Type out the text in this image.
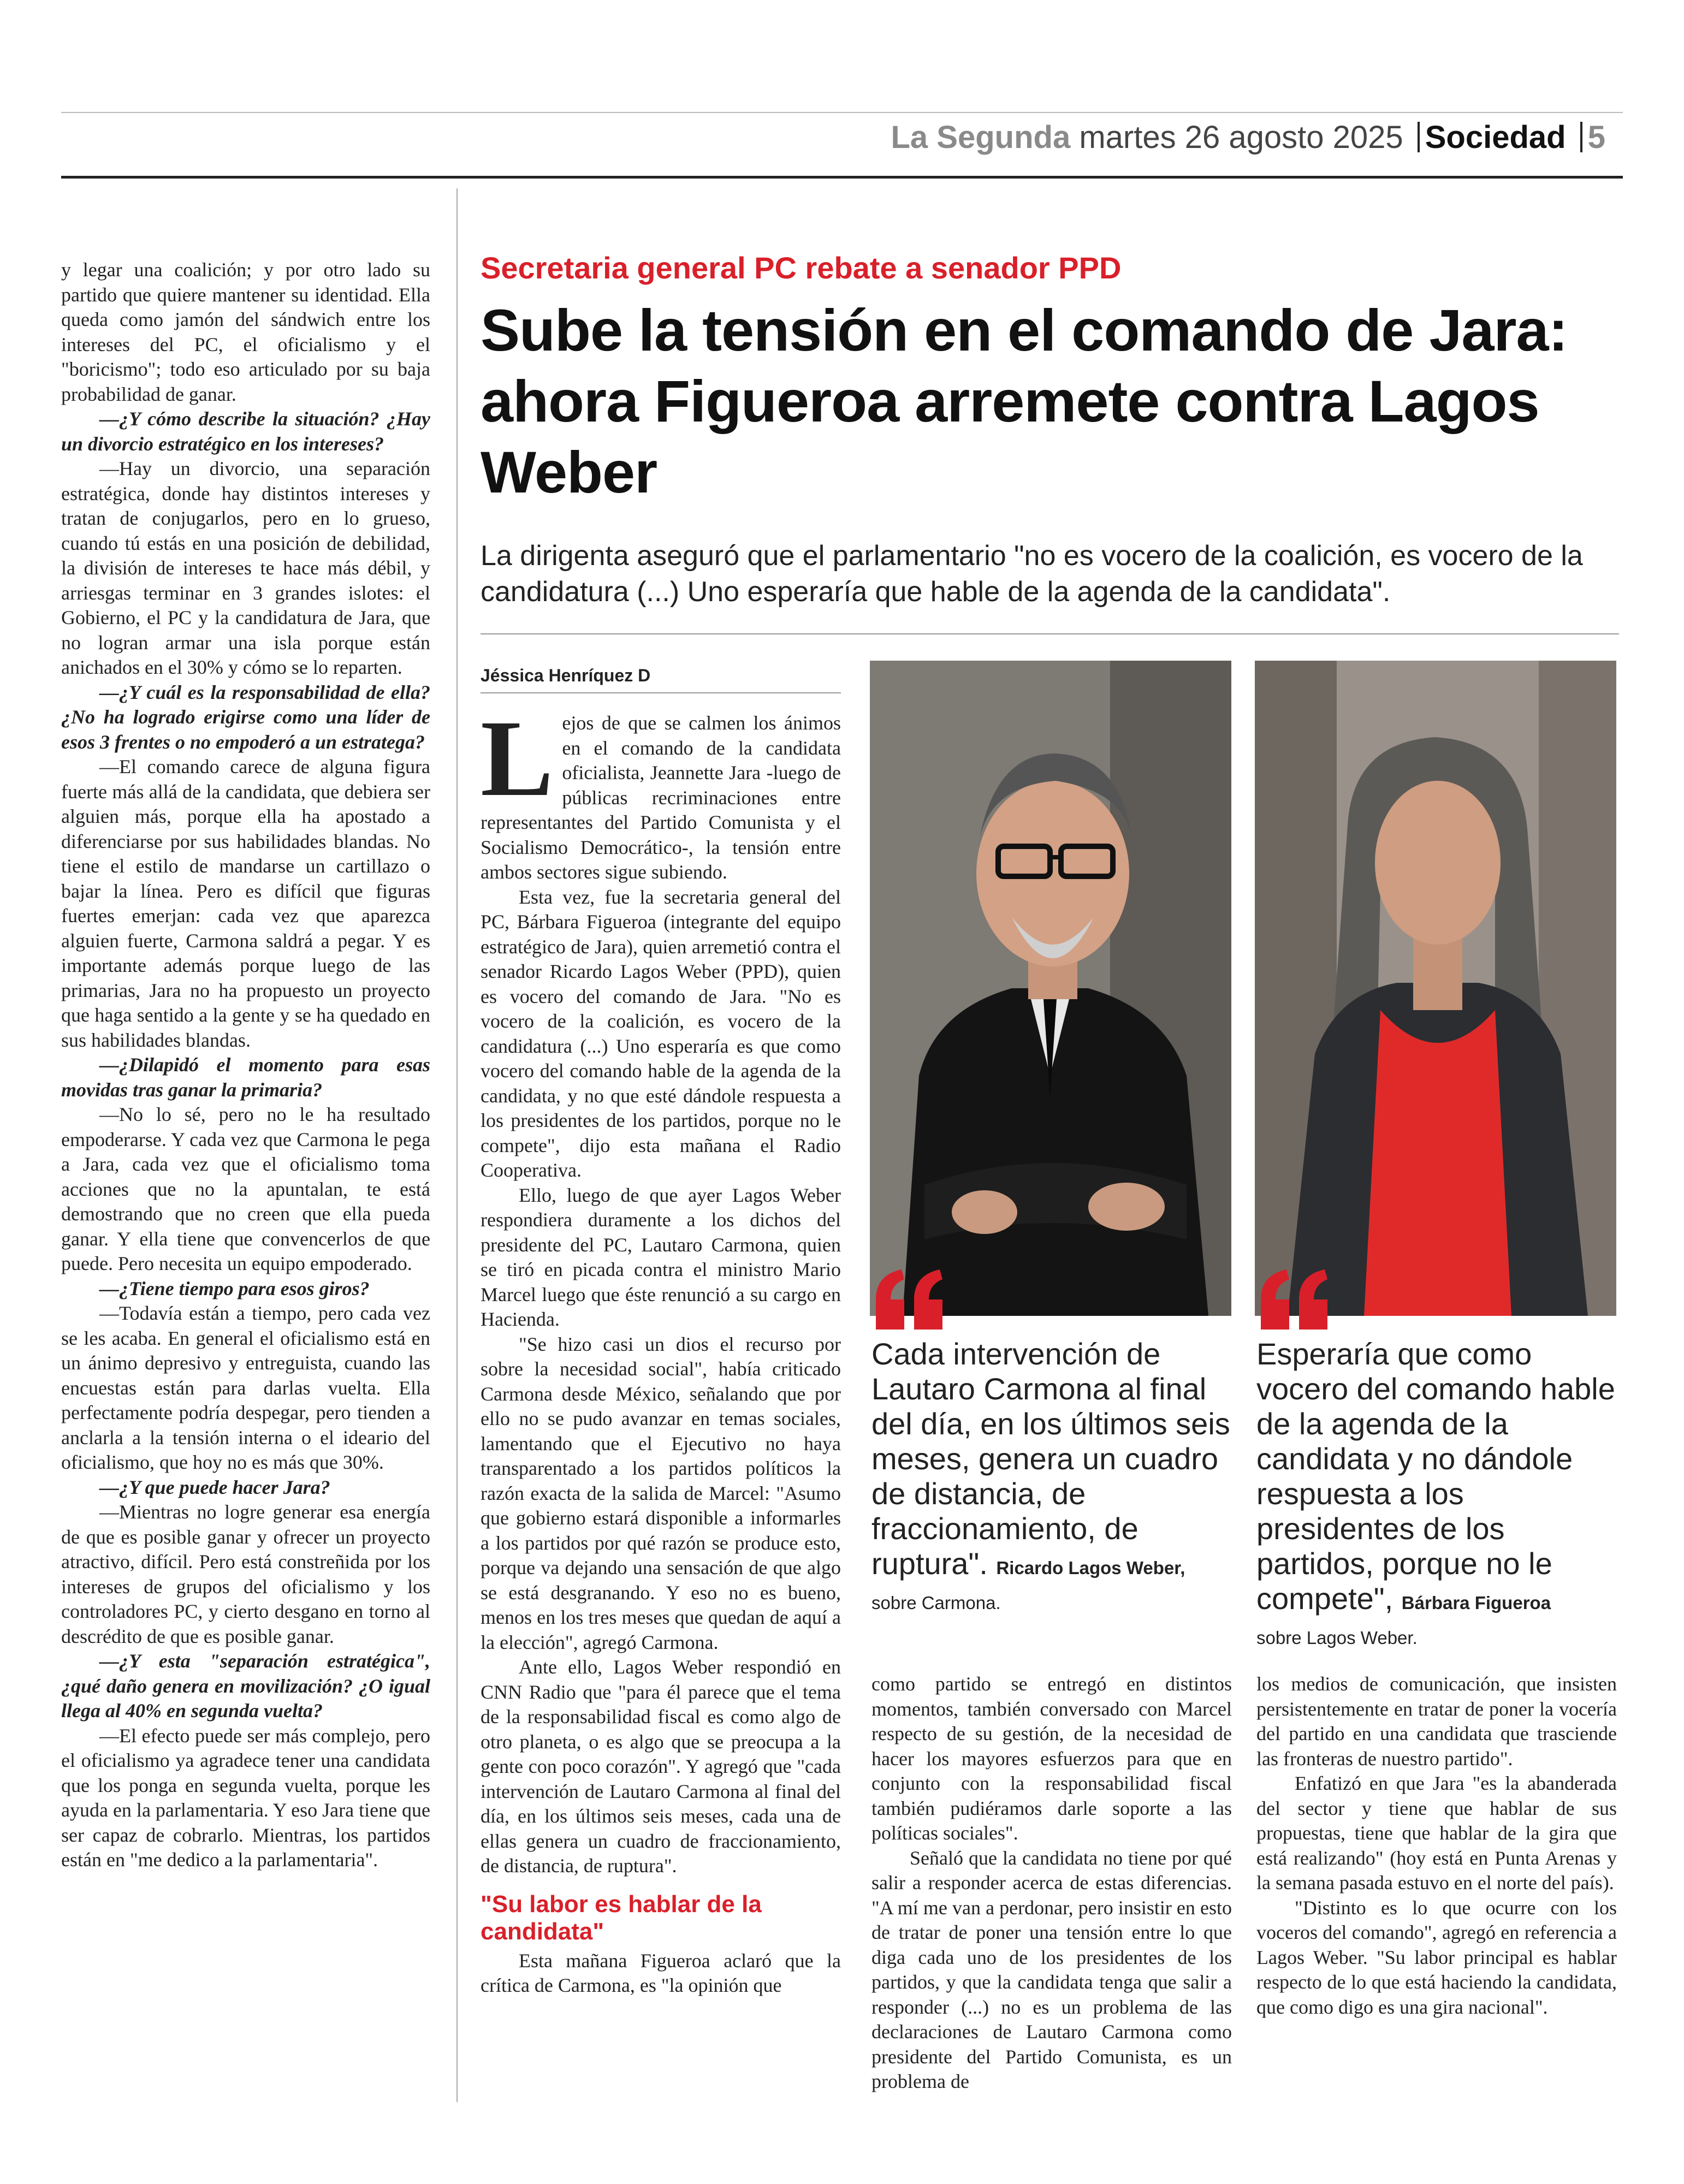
La Segunda martes 26 agosto 2025 Sociedad 5

y legar una coalición; y por otro lado su partido que quiere mantener su identidad. Ella queda como jamón del sándwich entre los intereses del PC, el oficialismo y el "boricismo"; todo eso articulado por su baja probabilidad de ganar.

—¿Y cómo describe la situación? ¿Hay un divorcio estratégico en los intereses?

—Hay un divorcio, una separación estratégica, donde hay distintos intereses y tratan de conjugarlos, pero en lo grueso, cuando tú estás en una posición de debilidad, la división de intereses te hace más débil, y arriesgas terminar en 3 grandes islotes: el Gobierno, el PC y la candidatura de Jara, que no logran armar una isla porque están anichados en el 30% y cómo se lo reparten.

—¿Y cuál es la responsabilidad de ella? ¿No ha logrado erigirse como una líder de esos 3 frentes o no empoderó a un estratega?

—El comando carece de alguna figura fuerte más allá de la candidata, que debiera ser alguien más, porque ella ha apostado a diferenciarse por sus habilidades blandas. No tiene el estilo de mandarse un cartillazo o bajar la línea. Pero es difícil que figuras fuertes emerjan: cada vez que aparezca alguien fuerte, Carmona saldrá a pegar. Y es importante además porque luego de las primarias, Jara no ha propuesto un proyecto que haga sentido a la gente y se ha quedado en sus habilidades blandas.

—¿Dilapidó el momento para esas movidas tras ganar la primaria?

—No lo sé, pero no le ha resultado empoderarse. Y cada vez que Carmona le pega a Jara, cada vez que el oficialismo toma acciones que no la apuntalan, te está demostrando que no creen que ella pueda ganar. Y ella tiene que convencerlos de que puede. Pero necesita un equipo empoderado.

—¿Tiene tiempo para esos giros?

—Todavía están a tiempo, pero cada vez se les acaba. En general el oficialismo está en un ánimo depresivo y entreguista, cuando las encuestas están para darlas vuelta. Ella perfectamente podría despegar, pero tienden a anclarla a la tensión interna o el ideario del oficialismo, que hoy no es más que 30%.

—¿Y que puede hacer Jara?

—Mientras no logre generar esa energía de que es posible ganar y ofrecer un proyecto atractivo, difícil. Pero está constreñida por los intereses de grupos del oficialismo y los controladores PC, y cierto desgano en torno al descrédito de que es posible ganar.

—¿Y esta "separación estratégica", ¿qué daño genera en movilización? ¿O igual llega al 40% en segunda vuelta?

—El efecto puede ser más complejo, pero el oficialismo ya agradece tener una candidata que los ponga en segunda vuelta, porque les ayuda en la parlamentaria. Y eso Jara tiene que ser capaz de cobrarlo. Mientras, los partidos están en "me dedico a la parlamentaria".

Secretaria general PC rebate a senador PPD
Sube la tensión en el comando de Jara: ahora Figueroa arremete contra Lagos Weber
La dirigenta aseguró que el parlamentario "no es vocero de la coalición, es vocero de la candidatura (...) Uno esperaría que hable de la agenda de la candidata".
Jéssica Henríquez D

Lejos de que se calmen los ánimos en el comando de la candidata oficialista, Jeannette Jara -luego de públicas recriminaciones entre representantes del Partido Comunista y el Socialismo Democrático-, la tensión entre ambos sectores sigue subiendo.

Esta vez, fue la secretaria general del PC, Bárbara Figueroa (integrante del equipo estratégico de Jara), quien arremetió contra el senador Ricardo Lagos Weber (PPD), quien es vocero del comando de Jara. "No es vocero de la coalición, es vocero de la candidatura (...) Uno esperaría es que como vocero del comando hable de la agenda de la candidata, y no que esté dándole respuesta a los presidentes de los partidos, porque no le compete", dijo esta mañana el Radio Cooperativa.

Ello, luego de que ayer Lagos Weber respondiera duramente a los dichos del presidente del PC, Lautaro Carmona, quien se tiró en picada contra el ministro Mario Marcel luego que éste renunció a su cargo en Hacienda.

"Se hizo casi un dios el recurso por sobre la necesidad social", había criticado Carmona desde México, señalando que por ello no se pudo avanzar en temas sociales, lamentando que el Ejecutivo no haya transparentado a los partidos políticos la razón exacta de la salida de Marcel: "Asumo que gobierno estará disponible a informarles a los partidos por qué razón se produce esto, porque va dejando una sensación de que algo se está desgranando. Y eso no es bueno, menos en los tres meses que quedan de aquí a la elección", agregó Carmona.

Ante ello, Lagos Weber respondió en CNN Radio que "para él parece que el tema de la responsabilidad fiscal es como algo de otro planeta, o es algo que se preocupa a la gente con poco corazón". Y agregó que "cada intervención de Lautaro Carmona al final del día, en los últimos seis meses, cada una de ellas genera un cuadro de fraccionamiento, de distancia, de ruptura".

"Su labor es hablar de la candidata"

Esta mañana Figueroa aclaró que la crítica de Carmona, es "la opinión que

Cada intervención de Lautaro Carmona al final del día, en los últimos seis meses, genera un cuadro de distancia, de fraccionamiento, de ruptura". Ricardo Lagos Weber, sobre Carmona.
Esperaría que como vocero del comando hable de la agenda de la candidata y no dándole respuesta a los presidentes de los partidos, porque no le compete", Bárbara Figueroa
sobre Lagos Weber.

como partido se entregó en distintos momentos, también conversado con Marcel respecto de su gestión, de la necesidad de hacer los mayores esfuerzos para que en conjunto con la responsabilidad fiscal también pudiéramos darle soporte a las políticas sociales".

Señaló que la candidata no tiene por qué salir a responder acerca de estas diferencias. "A mí me van a perdonar, pero insistir en esto de tratar de poner una tensión entre lo que diga cada uno de los presidentes de los partidos, y que la candidata tenga que salir a responder (...) no es un problema de las declaraciones de Lautaro Carmona como presidente del Partido Comunista, es un problema de

los medios de comunicación, que insisten persistentemente en tratar de poner la vocería del partido en una candidata que trasciende las fronteras de nuestro partido".

Enfatizó en que Jara "es la abanderada del sector y tiene que hablar de sus propuestas, tiene que hablar de la gira que está realizando" (hoy está en Punta Arenas y la semana pasada estuvo en el norte del país).

"Distinto es lo que ocurre con los voceros del comando", agregó en referencia a Lagos Weber. "Su labor principal es hablar respecto de lo que está haciendo la candidata, que como digo es una gira nacional".
